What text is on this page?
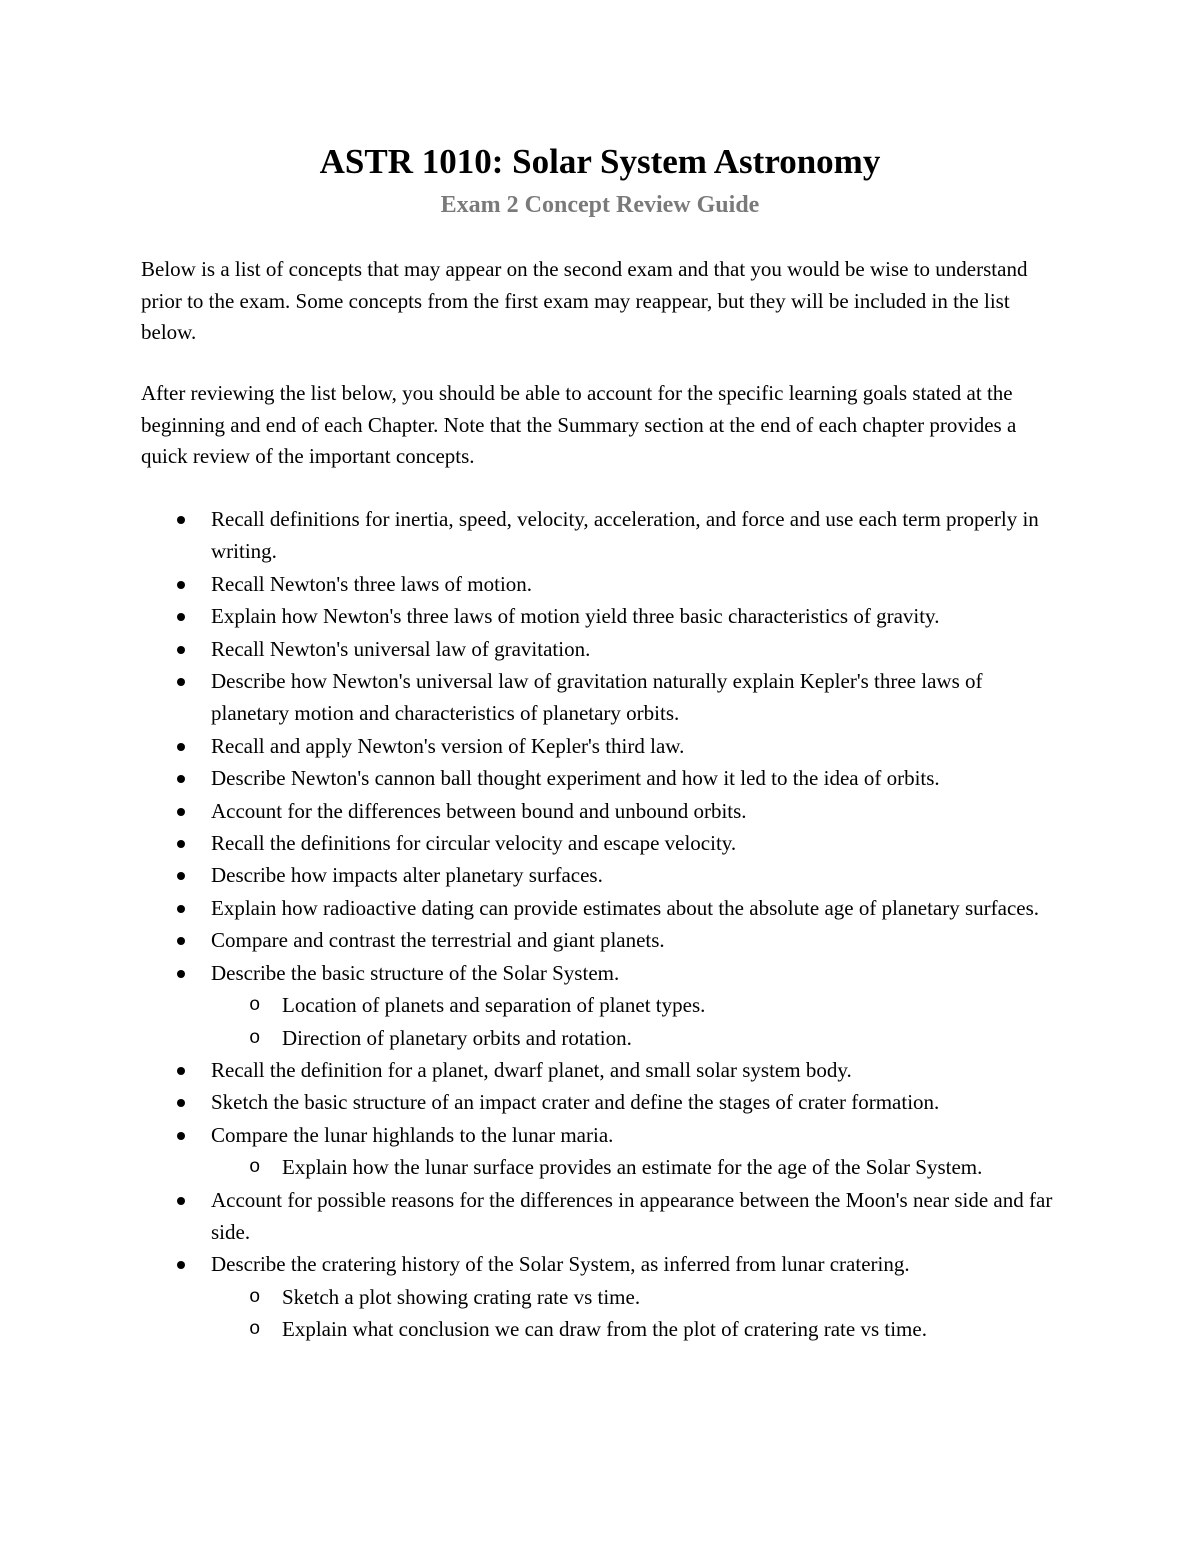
ASTR 1010: Solar System Astronomy
Exam 2 Concept Review Guide

Below is a list of concepts that may appear on the second exam and that you would be wise to understand prior to the exam. Some concepts from the first exam may reappear, but they will be included in the list below.

After reviewing the list below, you should be able to account for the specific learning goals stated at the beginning and end of each Chapter. Note that the Summary section at the end of each chapter provides a quick review of the important concepts.

Recall definitions for inertia, speed, velocity, acceleration, and force and use each term properly in writing.
Recall Newton's three laws of motion.
Explain how Newton's three laws of motion yield three basic characteristics of gravity.
Recall Newton's universal law of gravitation.
Describe how Newton's universal law of gravitation naturally explain Kepler's three laws of planetary motion and characteristics of planetary orbits.
Recall and apply Newton's version of Kepler's third law.
Describe Newton's cannon ball thought experiment and how it led to the idea of orbits.
Account for the differences between bound and unbound orbits.
Recall the definitions for circular velocity and escape velocity.
Describe how impacts alter planetary surfaces.
Explain how radioactive dating can provide estimates about the absolute age of planetary surfaces.
Compare and contrast the terrestrial and giant planets.
Describe the basic structure of the Solar System.
o Location of planets and separation of planet types.
o Direction of planetary orbits and rotation.
Recall the definition for a planet, dwarf planet, and small solar system body.
Sketch the basic structure of an impact crater and define the stages of crater formation.
Compare the lunar highlands to the lunar maria.
o Explain how the lunar surface provides an estimate for the age of the Solar System.
Account for possible reasons for the differences in appearance between the Moon's near side and far side.
Describe the cratering history of the Solar System, as inferred from lunar cratering.
o Sketch a plot showing crating rate vs time.
o Explain what conclusion we can draw from the plot of cratering rate vs time.
